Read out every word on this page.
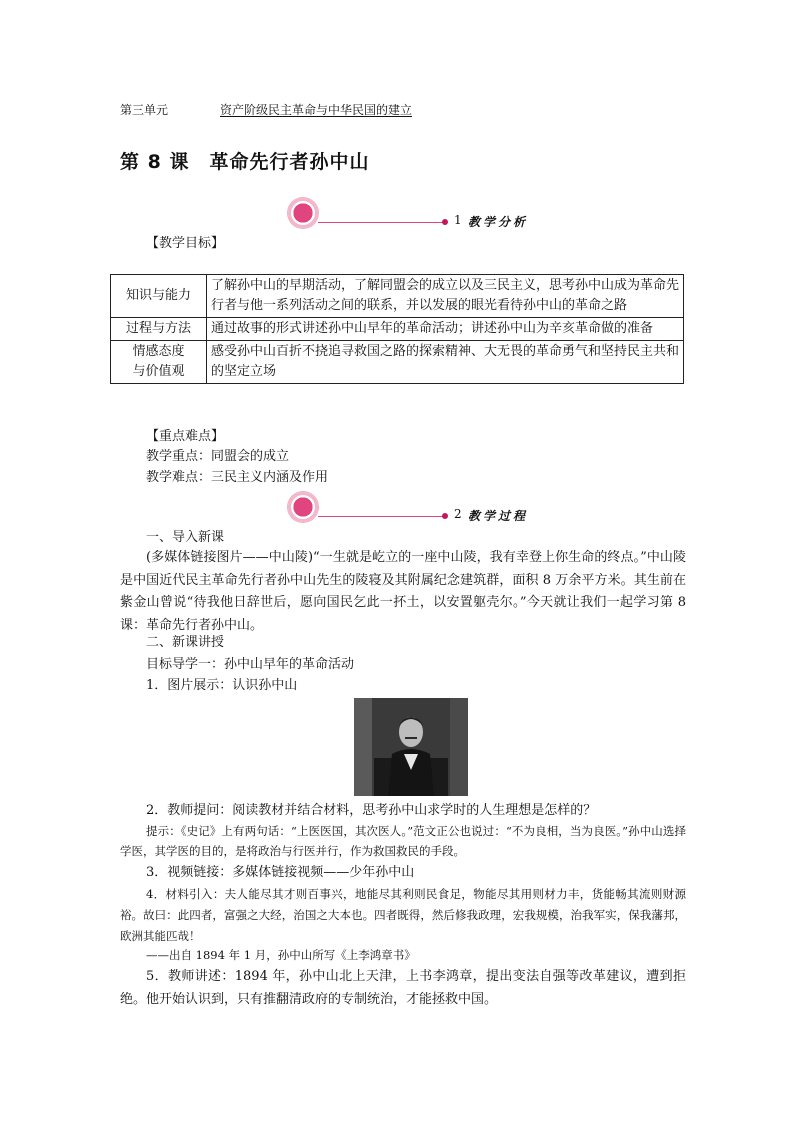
第三单元	资产阶级民主革命与中华民国的建立
第 8 课 革命先行者孙中山
1 教学分析
【教学目标】
知识与能力	了解孙中山的早期活动，了解同盟会的成立以及三民主义，思考孙中山成为革命先行者与他一系列活动之间的联系，并以发展的眼光看待孙中山的革命之路
过程与方法	通过故事的形式讲述孙中山早年的革命活动；讲述孙中山为辛亥革命做的准备

情感态度
与价值观	感受孙中山百折不挠追寻救国之路的探索精神、大无畏的革命勇气和坚持民主共和的坚定立场
【重点难点】
教学重点：同盟会的成立
教学难点：三民主义内涵及作用
2 教学过程
一、导入新课
(多媒体链接图片——中山陵)“一生就是屹立的一座中山陵，我有幸登上你生命的终点。”中山陵是中国近代民主革命先行者孙中山先生的陵寝及其附属纪念建筑群，面积 8 万余平方米。其生前在紫金山曾说“待我他日辞世后，愿向国民乞此一抔土，以安置躯壳尔。”今天就让我们一起学习第 8 课：革命先行者孙中山。
二、新课讲授
目标导学一：孙中山早年的革命活动
1．图片展示：认识孙中山
2．教师提问：阅读教材并结合材料，思考孙中山求学时的人生理想是怎样的？
提示：《史记》上有两句话：“上医医国，其次医人。”范文正公也说过：“不为良相，当为良医。”孙中山选择学医，其学医的目的，是将政治与行医并行，作为救国救民的手段。
3．视频链接：多媒体链接视频——少年孙中山
4．材料引入：夫人能尽其才则百事兴，地能尽其利则民食足，物能尽其用则材力丰，货能畅其流则财源裕。故曰：此四者，富强之大经，治国之大本也。四者既得，然后修我政理，宏我规模，治我军实，保我藩邦，欧洲其能匹哉！
——出自 1894 年 1 月，孙中山所写《上李鸿章书》
5．教师讲述：1894 年，孙中山北上天津，上书李鸿章，提出变法自强等改革建议，遭到拒绝。他开始认识到，只有推翻清政府的专制统治，才能拯救中国。
